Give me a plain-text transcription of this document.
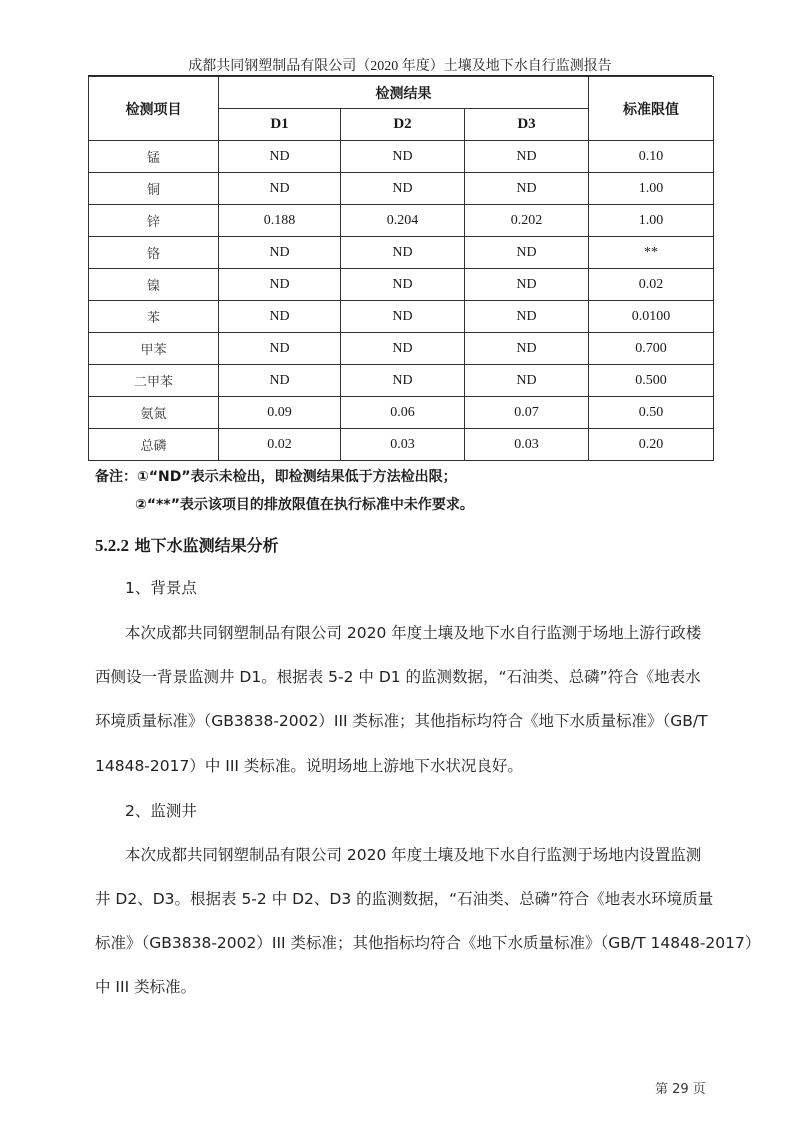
成都共同钢塑制品有限公司（2020 年度）土壤及地下水自行监测报告
检测项目	检测结果			标准限值
	D1	D2	D3	
锰	ND	ND	ND	0.10
铜	ND	ND	ND	1.00
锌	0.188	0.204	0.202	1.00
铬	ND	ND	ND	**
镍	ND	ND	ND	0.02
苯	ND	ND	ND	0.0100
甲苯	ND	ND	ND	0.700
二甲苯	ND	ND	ND	0.500
氨氮	0.09	0.06	0.07	0.50
总磷	0.02	0.03	0.03	0.20
备注：①“ND”表示未检出，即检测结果低于方法检出限；
②“**”表示该项目的排放限值在执行标准中未作要求。
5.2.2 地下水监测结果分析
1、背景点
本次成都共同钢塑制品有限公司 2020 年度土壤及地下水自行监测于场地上游行政楼
西侧设一背景监测井 D1。根据表 5-2 中 D1 的监测数据，“石油类、总磷”符合《地表水
环境质量标准》（GB3838-2002）III 类标准；其他指标均符合《地下水质量标准》（GB/T
14848-2017）中 III 类标准。说明场地上游地下水状况良好。
2、监测井
本次成都共同钢塑制品有限公司 2020 年度土壤及地下水自行监测于场地内设置监测
井 D2、D3。根据表 5-2 中 D2、D3 的监测数据，“石油类、总磷”符合《地表水环境质量
标准》（GB3838-2002）III 类标准；其他指标均符合《地下水质量标准》（GB/T 14848-2017）
中 III 类标准。
第 29 页
